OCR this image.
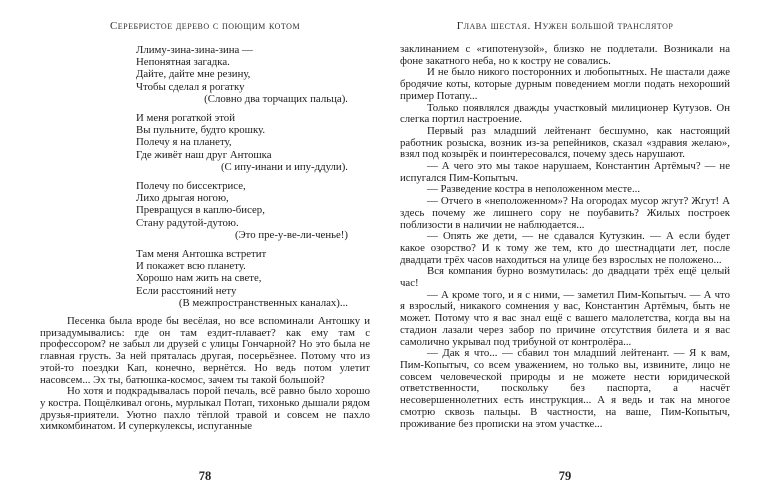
Серебристое дерево с поющим котом
Ллиму-зина-зина-зина —
Непонятная загадка.
Дайте, дайте мне резину,
Чтобы сделал я рогатку
(Словно два торчащих пальца).
И меня рогаткой этой
Вы пульните, будто крошку.
Полечу я на планету,
Где живёт наш друг Антошка
(С ипу-инани и ипу-ддули).
Полечу по биссектрисе,
Лихо дрыгая ногою,
Превращуся в каплю-бисер,
Стану радутой-дутою.
(Это пре-у-ве-ли-ченье!)
Там меня Антошка встретит
И покажет всю планету.
Хорошо нам жить на свете,
Если расстояний нету
(В межпространственных каналах)...

Песенка была вроде бы весёлая, но все вспоминали Антошку и призадумывались: где он там ездит-плавает? как ему там с профессором? не забыл ли друзей с улицы Гончарной? Но это была не главная грусть. За ней пряталась другая, посерьёзнее. Потому что из этой-то поездки Кап, конечно, вернётся. Но ведь потом улетит насовсем... Эх ты, батюшка-космос, зачем ты такой большой?

Но хотя и подкрадывалась порой печаль, всё равно было хорошо у костра. Пощёлкивал огонь, мурлыкал Потап, тихонько дышали рядом друзья-приятели. Уютно пахло тёплой травой и совсем не пахло химкомбинатом. И суперкулексы, испуганные

78
Глава шестая. Нужен большой транслятор

заклинанием с «гипотенузой», близко не подлетали. Возникали на фоне закатного неба, но к костру не совались.

И не было никого посторонних и любопытных. Не шастали даже бродячие коты, которые дурным поведением могли подать нехороший пример Потапу...

Только появлялся дважды участковый милиционер Кутузов. Он слегка портил настроение.

Первый раз младший лейтенант бесшумно, как настоящий работник розыска, возник из-за репейников, сказал «здравия желаю», взял под козырёк и поинтересовался, почему здесь нарушают.

— А чего это мы такое нарушаем, Константин Артёмыч? — не испугался Пим-Копытыч.

— Разведение костра в неположенном месте...

— Отчего в «неположенном»? На огородах мусор жгут? Жгут! А здесь почему же лишнего сору не поубавить? Жилых построек поблизости в наличии не наблюдается...

— Опять же дети, — не сдавался Кутузкин. — А если будет какое озорство? И к тому же тем, кто до шестнадцати лет, после двадцати трёх часов находиться на улице без взрослых не положено...

Вся компания бурно возмутилась: до двадцати трёх ещё целый час!

— А кроме того, и я с ними, — заметил Пим-Копытыч. — А что я взрослый, никакого сомнения у вас, Константин Артёмыч, быть не может. Потому что я вас знал ещё с вашего малолетства, когда вы на стадион лазали через забор по причине отсутствия билета и я вас самолично укрывал под трибуной от контролёра...

— Дак я что... — сбавил тон младший лейтенант. — Я к вам, Пим-Копытыч, со всем уважением, но только вы, извините, лицо не совсем человеческой природы и не можете нести юридической ответственности, поскольку без паспорта, а насчёт несовершеннолетних есть инструкция... А я ведь и так на многое смотрю сквозь пальцы. В частности, на ваше, Пим-Копытыч, проживание без прописки на этом участке...

79
